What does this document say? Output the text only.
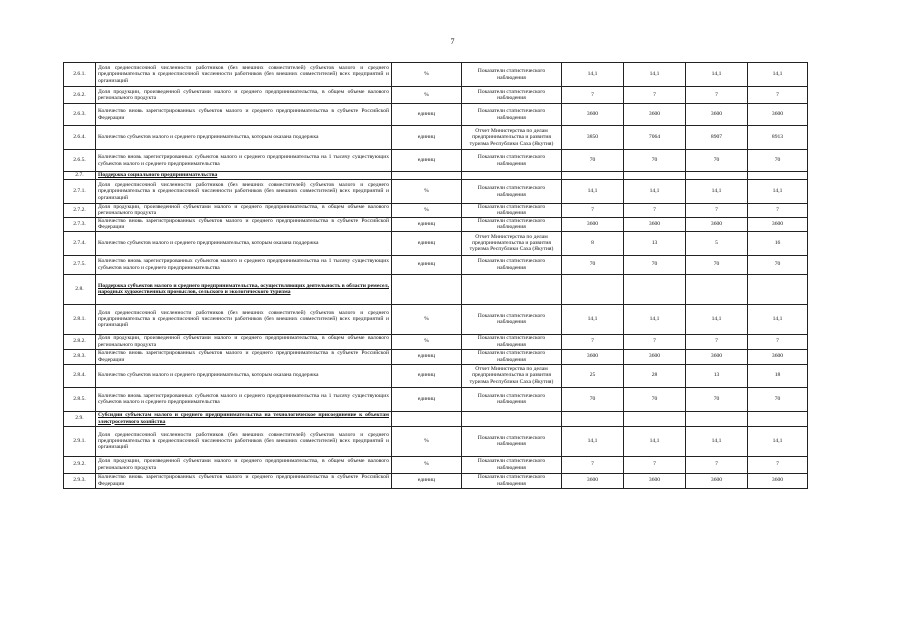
7
2.6.1.	Доля среднесписочной численности работников (без внешних совместителей) субъектов малого и среднего предпринимательства в среднесписочной численности работников (без внешних совместителей) всех предприятий и организаций	%	Показатели статистического наблюдения	14,1	14,1	14,1	14,1
2.6.2.	Доля продукции, произведенной субъектами малого и среднего предпринимательства, в общем объеме валового регионального продукта	%	Показатели статистического наблюдения	7	7	7	7
2.6.3.	Количество вновь зарегистрированных субъектов малого и среднего предпринимательства в субъекте Российской Федерации	единиц	Показатели статистического наблюдения	3600	3600	3600	3600
2.6.4.	Количество субъектов малого и среднего предпринимательства, которым оказана поддержка	единиц	Отчет Министерства по делам предпринимательства и развития туризма Республики Саха (Якутия)	3850	7064	8907	8913
2.6.5.	Количество вновь зарегистрированных субъектов малого и среднего предпринимательства на 1 тысячу существующих субъектов малого и среднего предпринимательства	единиц	Показатели статистического наблюдения	70	70	70	70
2.7.	Поддержка социального предпринимательства						
2.7.1.	Доля среднесписочной численности работников (без внешних совместителей) субъектов малого и среднего предпринимательства в среднесписочной численности работников (без внешних совместителей) всех предприятий и организаций	%	Показатели статистического наблюдения	14,1	14,1	14,1	14,1
2.7.2.	Доля продукции, произведенной субъектами малого и среднего предпринимательства, в общем объеме валового регионального продукта	%	Показатели статистического наблюдения	7	7	7	7
2.7.3.	Количество вновь зарегистрированных субъектов малого и среднего предпринимательства в субъекте Российской Федерации	единиц	Показатели статистического наблюдения	3600	3600	3600	3600
2.7.4.	Количество субъектов малого и среднего предпринимательства, которым оказана поддержка	единиц	Отчет Министерства по делам предпринимательства и развития туризма Республики Саха (Якутия)	8	13	5	16
2.7.5.	Количество вновь зарегистрированных субъектов малого и среднего предпринимательства на 1 тысячу существующих субъектов малого и среднего предпринимательства	единиц	Показатели статистического наблюдения	70	70	70	70
2.8.	Поддержка субъектов малого и среднего предпринимательства, осуществляющих деятельность в области ремесел, народных художественных промыслов, сельского и экологического туризма						
2.8.1.	Доля среднесписочной численности работников (без внешних совместителей) субъектов малого и среднего предпринимательства в среднесписочной численности работников (без внешних совместителей) всех предприятий и организаций	%	Показатели статистического наблюдения	14,1	14,1	14,1	14,1
2.8.2.	Доля продукции, произведенной субъектами малого и среднего предпринимательства, в общем объеме валового регионального продукта	%	Показатели статистического наблюдения	7	7	7	7
2.8.3.	Количество вновь зарегистрированных субъектов малого и среднего предпринимательства в субъекте Российской Федерации	единиц	Показатели статистического наблюдения	3600	3600	3600	3600
2.8.4.	Количество субъектов малого и среднего предпринимательства, которым оказана поддержка	единиц	Отчет Министерства по делам предпринимательства и развития туризма Республики Саха (Якутия)	25	28	13	18
2.8.5.	Количество вновь зарегистрированных субъектов малого и среднего предпринимательства на 1 тысячу существующих субъектов малого и среднего предпринимательства	единиц	Показатели статистического наблюдения	70	70	70	70
2.9.	Субсидии субъектам малого и среднего предпринимательства на технологическое присоединение к объектам электросетевого хозяйства						
2.9.1.	Доля среднесписочной численности работников (без внешних совместителей) субъектов малого и среднего предпринимательства в среднесписочной численности работников (без внешних совместителей) всех предприятий и организаций	%	Показатели статистического наблюдения	14,1	14,1	14,1	14,1
2.9.2.	Доля продукции, произведенной субъектами малого и среднего предпринимательства, в общем объеме валового регионального продукта	%	Показатели статистического наблюдения	7	7	7	7
2.9.3.	Количество вновь зарегистрированных субъектов малого и среднего предпринимательства в субъекте Российской Федерации	единиц	Показатели статистического наблюдения	3600	3600	3600	3600
